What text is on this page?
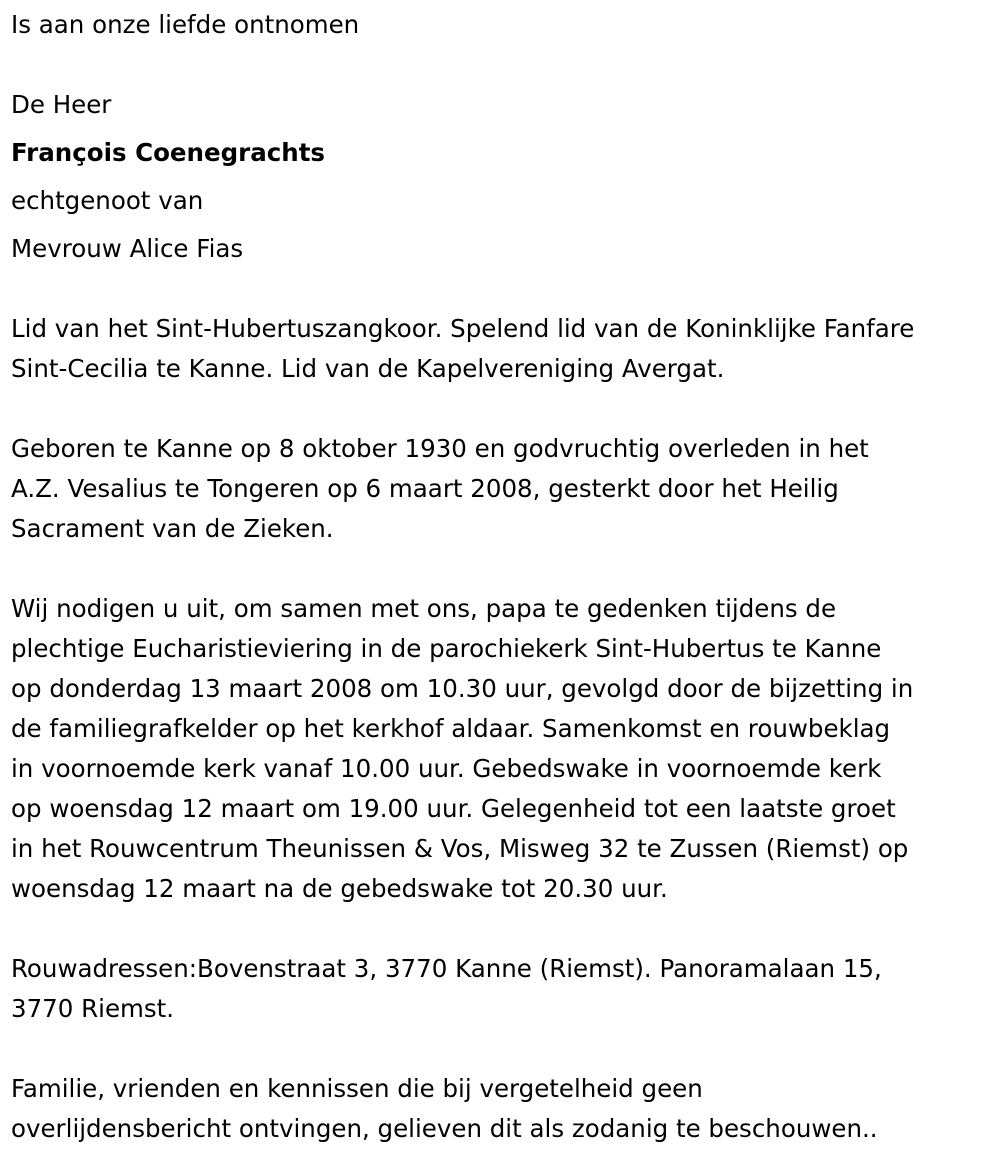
Is aan onze liefde ontnomen

De Heer

François Coenegrachts

echtgenoot van

Mevrouw Alice Fias

Lid van het Sint-Hubertuszangkoor. Spelend lid van de Koninklijke Fanfare
Sint-Cecilia te Kanne. Lid van de Kapelvereniging Avergat.

Geboren te Kanne op 8 oktober 1930 en godvruchtig overleden in het
A.Z. Vesalius te Tongeren op 6 maart 2008, gesterkt door het Heilig
Sacrament van de Zieken.

Wij nodigen u uit, om samen met ons, papa te gedenken tijdens de
plechtige Eucharistieviering in de parochiekerk Sint-Hubertus te Kanne
op donderdag 13 maart 2008 om 10.30 uur, gevolgd door de bijzetting in
de familiegrafkelder op het kerkhof aldaar. Samenkomst en rouwbeklag
in voornoemde kerk vanaf 10.00 uur. Gebedswake in voornoemde kerk
op woensdag 12 maart om 19.00 uur. Gelegenheid tot een laatste groet
in het Rouwcentrum Theunissen & Vos, Misweg 32 te Zussen (Riemst) op
woensdag 12 maart na de gebedswake tot 20.30 uur.

Rouwadressen:Bovenstraat 3, 3770 Kanne (Riemst). Panoramalaan 15,
3770 Riemst.

Familie, vrienden en kennissen die bij vergetelheid geen
overlijdensbericht ontvingen, gelieven dit als zodanig te beschouwen..
